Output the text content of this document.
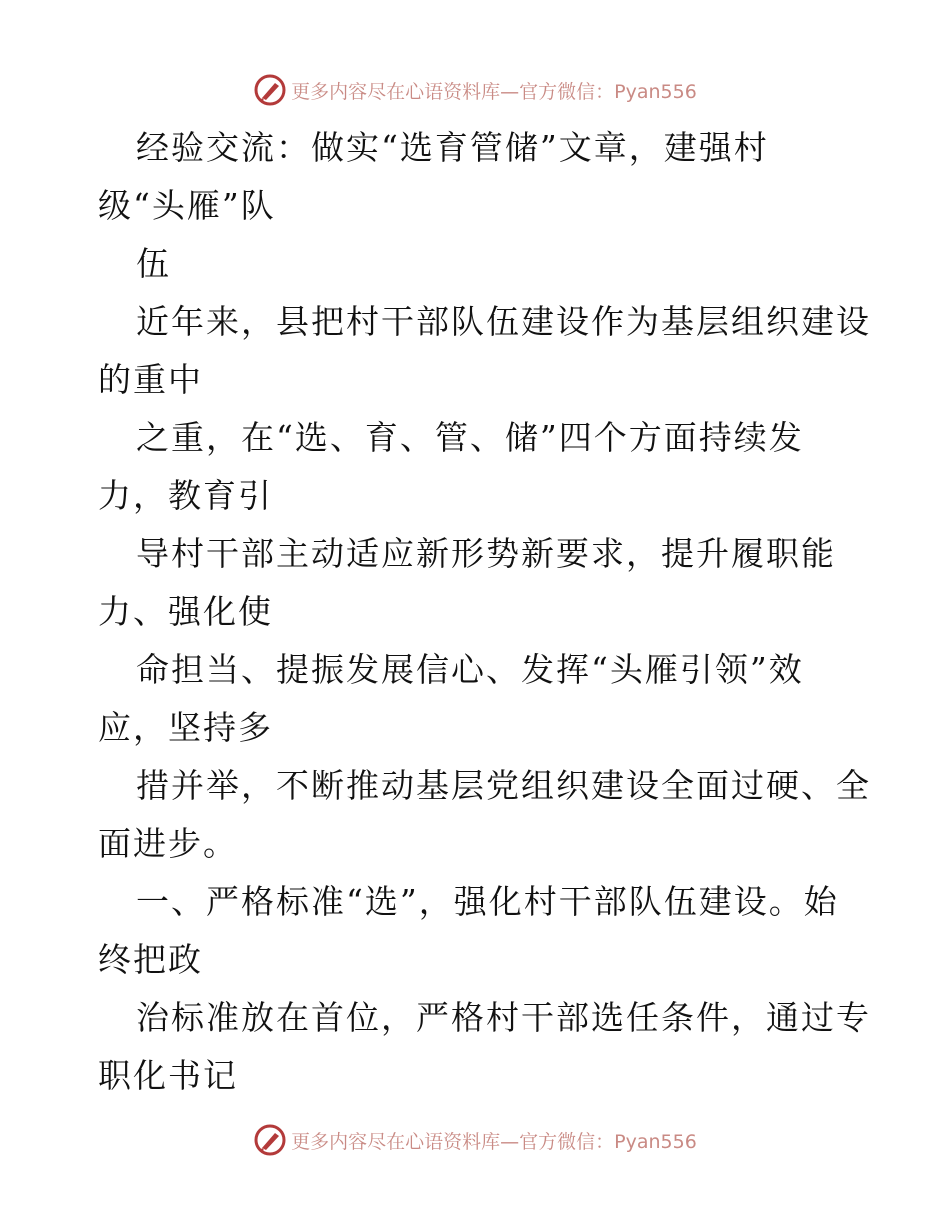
更多内容尽在心语资料库—官方微信：Pyan556
经验交流：做实“选育管储”文章，建强村
级“头雁”队
伍
近年来，县把村干部队伍建设作为基层组织建设
的重中
之重，在“选、育、管、储”四个方面持续发
力，教育引
导村干部主动适应新形势新要求，提升履职能
力、强化使
命担当、提振发展信心、发挥“头雁引领”效
应，坚持多
措并举，不断推动基层党组织建设全面过硬、全
面进步。
一、严格标准“选”，强化村干部队伍建设。始
终把政
治标准放在首位，严格村干部选任条件，通过专
职化书记
更多内容尽在心语资料库—官方微信：Pyan556
